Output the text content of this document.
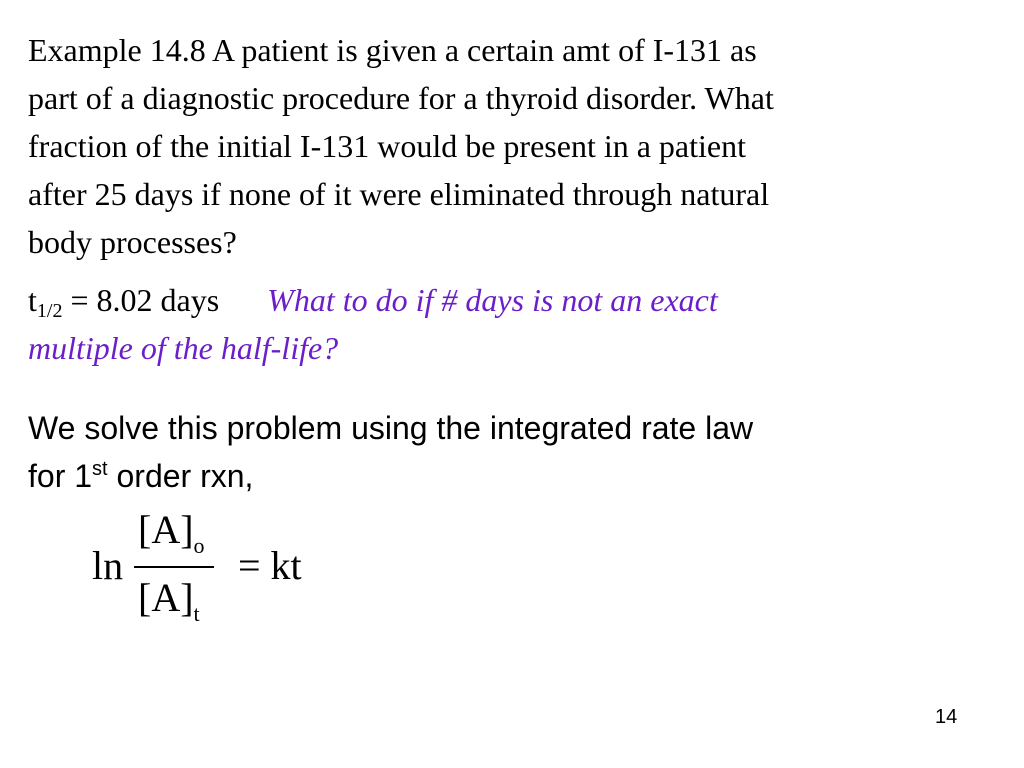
Example 14.8 A patient is given a certain amt of I-131 as
part of a diagnostic procedure for a thyroid disorder. What
fraction of the initial I-131 would be present in a patient
after 25 days if none of it were eliminated through natural
body processes?
$t_{1/2} = 8.02$ days What to do if # days is not an exact
multiple of the half-life?
We solve this problem using the integrated rate law
for 1st order rxn,
ln
$[A]_o$
$[A]_t$
= kt
14
